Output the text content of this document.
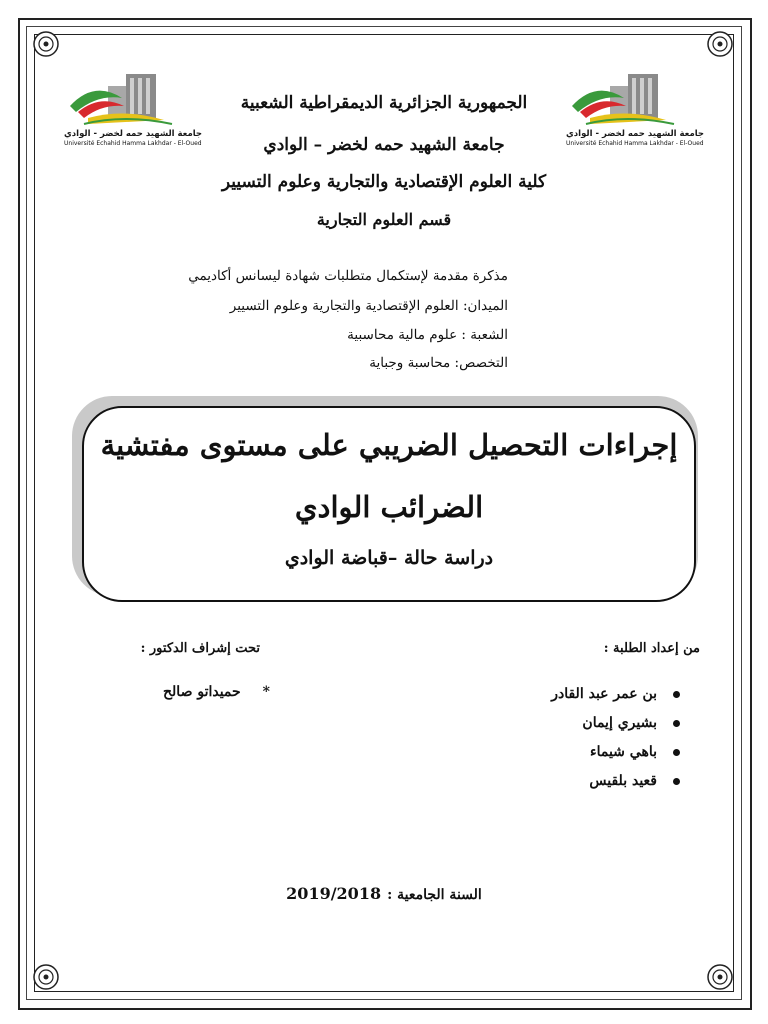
جامعة الشهيد حمه لخضر - الوادي
Université Echahid Hamma Lakhdar - El-Oued
جامعة الشهيد حمه لخضر - الوادي
Université Echahid Hamma Lakhdar - El-Oued
الجمهورية الجزائرية الديمقراطية الشعبية
جامعة الشهيد حمه لخضر – الوادي
كلية العلوم الإقتصادية والتجارية وعلوم التسيير
قسم العلوم التجارية
مذكرة مقدمة لإستكمال متطلبات شهادة ليسانس أكاديمي
الميدان: العلوم الإقتصادية والتجارية وعلوم التسيير
الشعبة : علوم مالية محاسبية
التخصص: محاسبة وجباية
إجراءات التحصيل الضريبي على مستوى مفتشية
الضرائب الوادي
دراسة حالة –قباضة الوادي
من إعداد الطلبة :
تحت إشراف الدكتور :
بن عمر عبد القادر
بشيري إيمان
باهي شيماء
قعيد بلقيس
*حميداتو صالح
السنة الجامعية :2019/2018
